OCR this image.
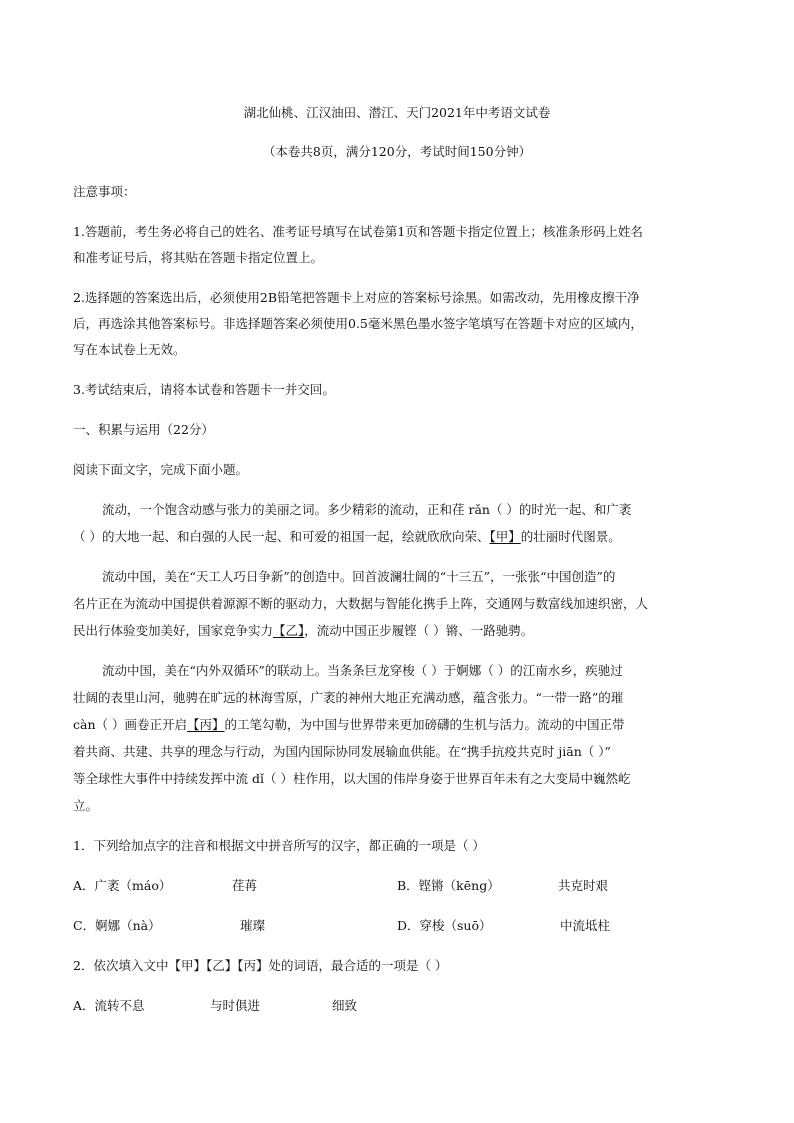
湖北仙桃、江汉油田、潜江、天门2021年中考语文试卷
（本卷共8页，满分120分，考试时间150分钟）
注意事项：
1.答题前，考生务必将自己的姓名、准考证号填写在试卷第1页和答题卡指定位置上；核准条形码上姓名
和准考证号后，将其贴在答题卡指定位置上。
2.选择题的答案选出后，必须使用2B铅笔把答题卡上对应的答案标号涂黑。如需改动，先用橡皮擦干净
后，再选涂其他答案标号。非选择题答案必须使用0.5毫米黑色墨水签字笔填写在答题卡对应的区域内，
写在本试卷上无效。
3.考试结束后，请将本试卷和答题卡一并交回。
一、积累与运用（22分）
阅读下面文字，完成下面小题。
流动，一个饱含动感与张力的美丽之词。多少精彩的流动，正和荏 rǎn（ ）的时光一起、和广袤
（ ）的大地一起、和白强的人民一起、和可爱的祖国一起，绘就欣欣向荣、【甲】的壮丽时代图景。
流动中国，美在“天工人巧日争新”的创造中。回首波澜壮阔的“十三五”，一张张“中国创造”的
名片正在为流动中国提供着源源不断的驱动力，大数据与智能化携手上阵，交通网与数富线加速织密，人
民出行体验变加美好，国家竞争实力【乙】，流动中国正步履铿（ ）锵、一路驰骋。
流动中国，美在“内外双循环”的联动上。当条条巨龙穿梭（ ）于婀娜（ ）的江南水乡，疾驰过
壮阔的表里山河，驰骋在旷远的林海雪原，广袤的神州大地正充满动感，蕴含张力。“一带一路”的璀
càn（ ）画卷正开启【丙】的工笔勾勒，为中国与世界带来更加磅礴的生机与活力。流动的中国正带
着共商、共建、共享的理念与行动，为国内国际协同发展输血供能。在“携手抗疫共克时 jiān（ ）”
等全球性大事件中持续发挥中流 dǐ（ ）柱作用，以大国的伟岸身姿于世界百年未有之大变局中巍然屹
立。
1．下列给加点字的注音和根据文中拼音所写的汉字，都正确的一项是（ ）
A．广袤（máo）	荏苒	B．铿锵（kēng）	共克时艰
C．婀娜（nà）	璀璨	D．穿梭（suō）	中流坻柱
2．依次填入文中【甲】【乙】【丙】处的词语，最合适的一项是（ ）
A．流转不息	与时俱进	细致
